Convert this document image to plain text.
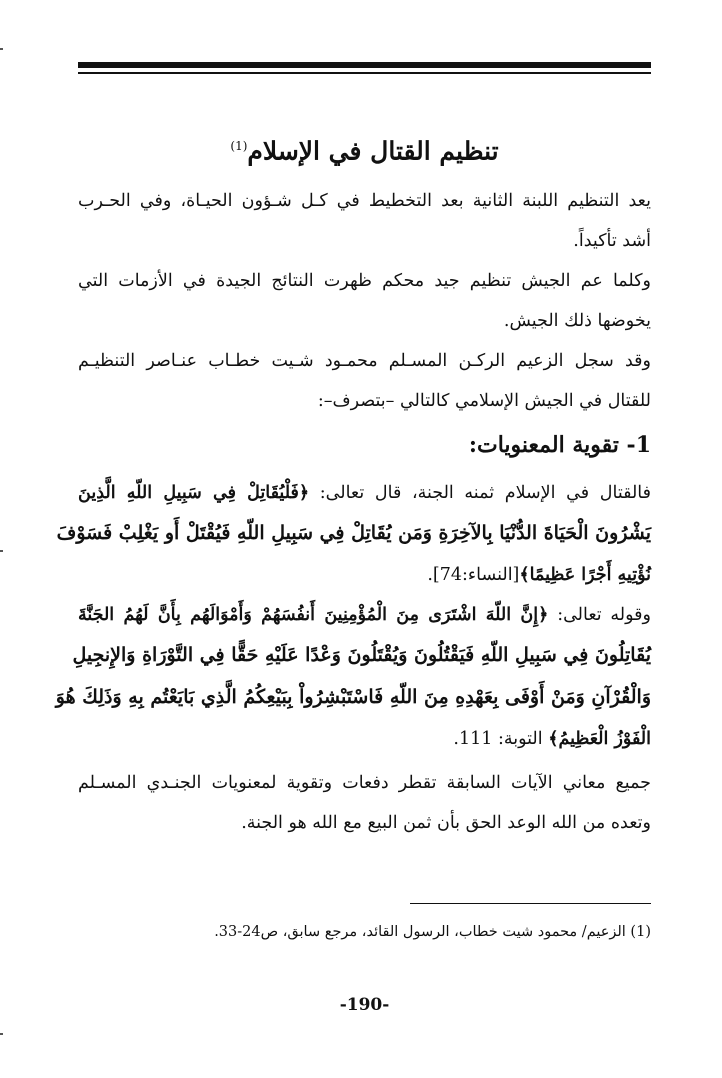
تنظيم القتال في الإسلام$^{(1)}$
يعد التنظيم اللبنة الثانية بعد التخطيط في كـل شـؤون الحيـاة، وفي الحـرب
أشد تأكيداً.
وكلما عم الجيش تنظيم جيد محكم ظهرت النتائج الجيدة في الأزمات التي
يخوضها ذلك الجيش.
وقد سجل الزعيم الركـن المسـلم محمـود شـيت خطـاب عنـاصر التنظيـم
للقتال في الجيش الإسلامي كالتالي –بتصرف–:
1- تقوية المعنويات:
فالقتال في الإسلام ثمنه الجنة، قال تعالى: ﴿فَلْيُقَاتِلْ فِي سَبِيلِ اللّهِ الَّذِينَ
يَشْرُونَ الْحَيَاةَ الدُّنْيَا بِالآخِرَةِ وَمَن يُقَاتِلْ فِي سَبِيلِ اللّهِ فَيُقْتَلْ أَو يَغْلِبْ فَسَوْفَ
نُؤْتِيهِ أَجْرًا عَظِيمًا﴾[النساء:74].
وقوله تعالى: ﴿إِنَّ اللّهَ اشْتَرَى مِنَ الْمُؤْمِنِينَ أَنفُسَهُمْ وَأَمْوَالَهُم بِأَنَّ لَهُمُ الجَنَّةَ
يُقَاتِلُونَ فِي سَبِيلِ اللّهِ فَيَقْتُلُونَ وَيُقْتَلُونَ وَعْدًا عَلَيْهِ حَقًّا فِي التَّوْرَاةِ وَالإِنجِيلِ
وَالْقُرْآنِ وَمَنْ أَوْفَى بِعَهْدِهِ مِنَ اللّهِ فَاسْتَبْشِرُواْ بِبَيْعِكُمُ الَّذِي بَايَعْتُم بِهِ وَذَلِكَ هُوَ
الْفَوْزُ الْعَظِيمُ﴾ التوبة: 111.
جميع معاني الآيات السابقة تقطر دفعات وتقوية لمعنويات الجنـدي المسـلم
وتعده من الله الوعد الحق بأن ثمن البيع مع الله هو الجنة.
(1) الزعيم/ محمود شيت خطاب، الرسول القائد، مرجع سابق، ص24-33.
-190-
